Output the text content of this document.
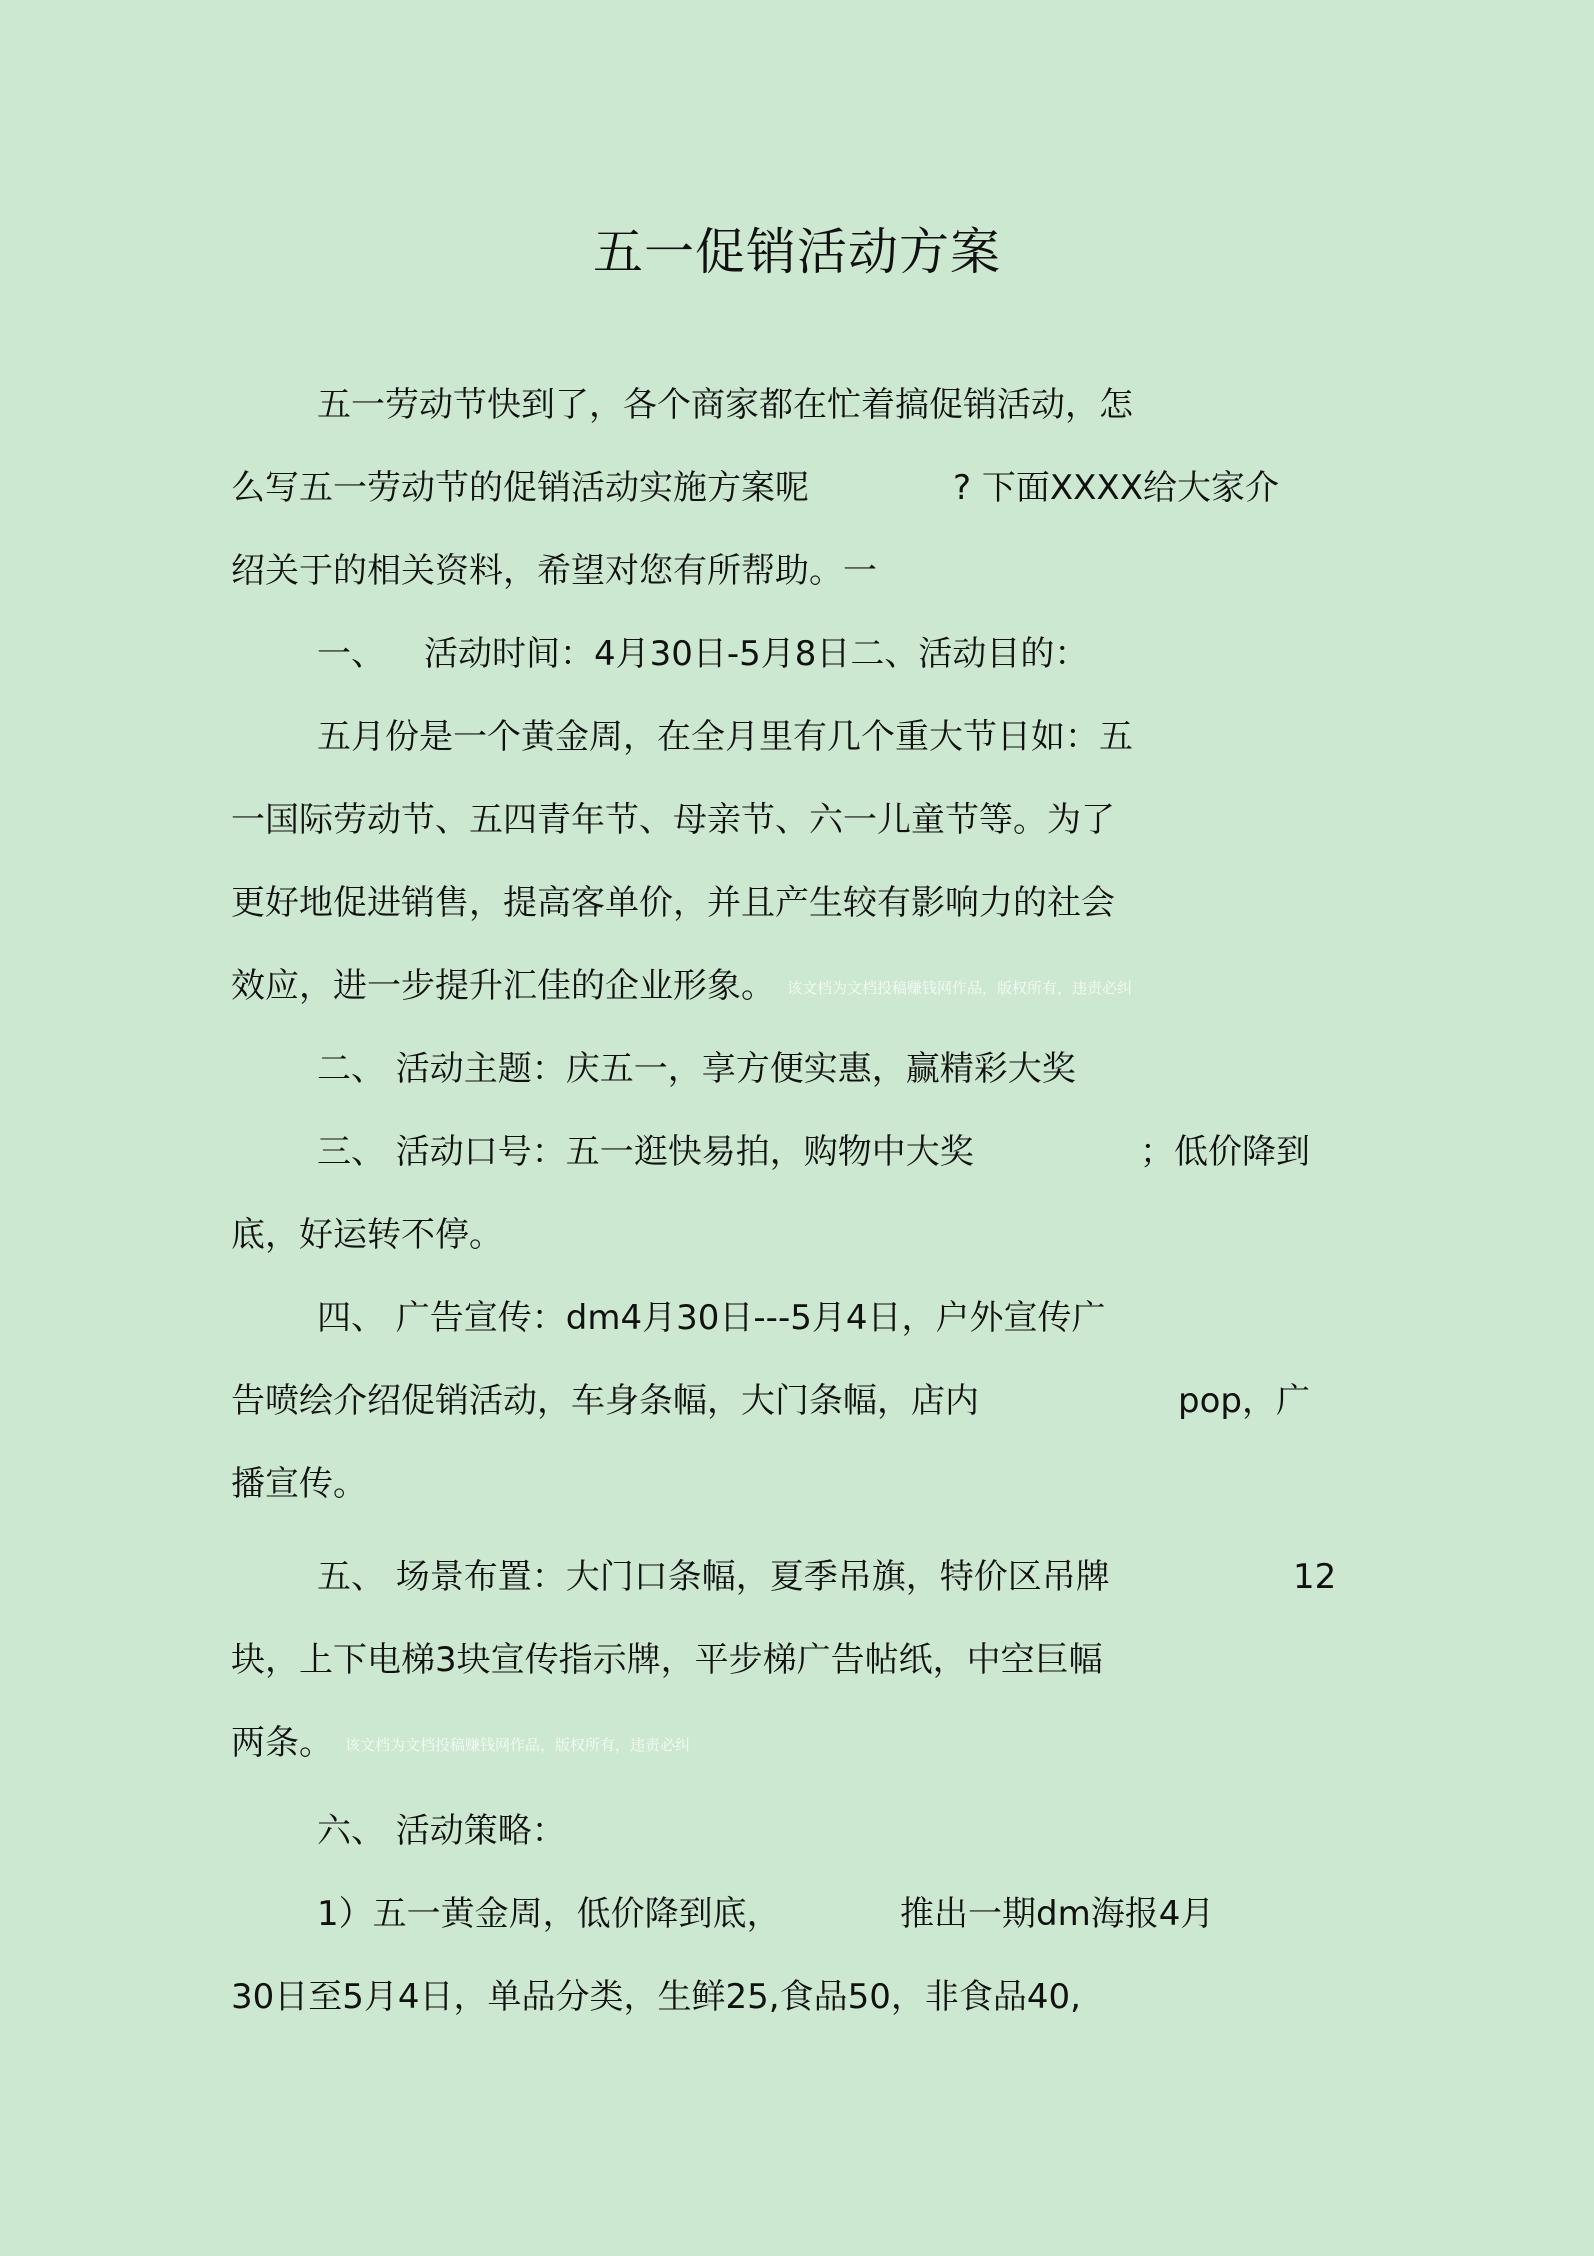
五一促销活动方案
五一劳动节快到了，各个商家都在忙着搞促销活动，怎
么写五一劳动节的促销活动实施方案呢	? 下面XXXX给大家介
绍关于的相关资料，希望对您有所帮助。一
一、 活动时间：4月30日-5月8日二、活动目的：
五月份是一个黄金周，在全月里有几个重大节日如：五
一国际劳动节、五四青年节、母亲节、六一儿童节等。为了
更好地促进销售，提高客单价，并且产生较有影响力的社会
效应，进一步提升汇佳的企业形象。 该文档为文档投稿赚钱网作品，版权所有，违责必纠
二、 活动主题：庆五一，享方便实惠，赢精彩大奖
三、 活动口号：五一逛快易拍，购物中大奖	；低价降到
底，好运转不停。
四、 广告宣传：dm4月30日---5月4日，户外宣传广
告喷绘介绍促销活动，车身条幅，大门条幅，店内	pop，广
播宣传。
五、 场景布置：大门口条幅，夏季吊旗，特价区吊牌	12
块，上下电梯3块宣传指示牌，平步梯广告帖纸，中空巨幅
两条。 该文档为文档投稿赚钱网作品，版权所有，违责必纠
六、 活动策略：
1）五一黄金周，低价降到底，	推出一期dm海报4月
30日至5月4日，单品分类，生鲜25,食品50，非食品40,
